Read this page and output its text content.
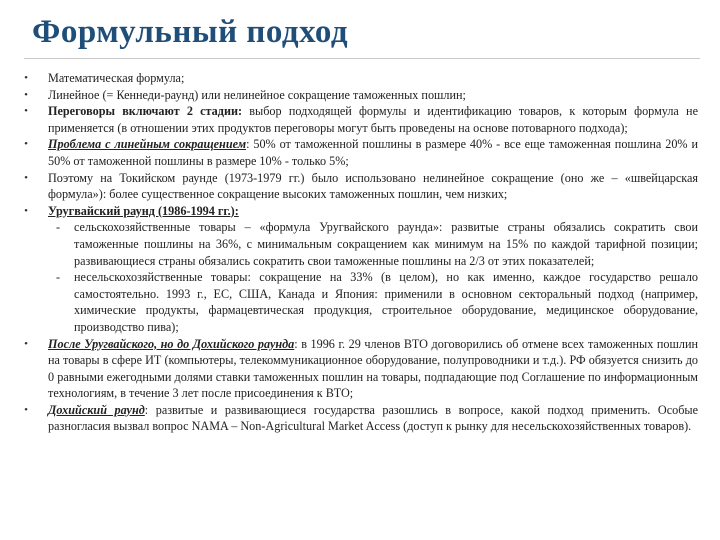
Формульный подход
•	Математическая формула;
•	Линейное (= Кеннеди-раунд) или нелинейное сокращение таможенных пошлин;
•	Переговоры включают 2 стадии: выбор подходящей формулы и идентификацию товаров, к которым формула не применяется (в отношении этих продуктов переговоры могут быть проведены на основе потоварного подхода);
•	Проблема с линейным сокращением: 50% от таможенной пошлины в размере 40% - все еще таможенная пошлина 20% и 50% от таможенной пошлины в размере 10% - только 5%;
•	Поэтому на Токийском раунде (1973-1979 гг.) было использовано нелинейное сокращение (оно же – «швейцарская формула»): более существенное сокращение высоких таможенных пошлин, чем низких;
•	Уругвайский раунд (1986-1994 гг.):
-	сельскохозяйственные товары – «формула Уругвайского раунда»: развитые страны обязались сократить свои таможенные пошлины на 36%, с минимальным сокращением как минимум на 15% по каждой тарифной позиции; развивающиеся страны обязались сократить свои таможенные пошлины на 2/3 от этих показателей;
-	несельскохозяйственные товары: сокращение на 33% (в целом), но как именно, каждое государство решало самостоятельно. 1993 г., ЕС, США, Канада и Япония: применили в основном секторальный подход (например, химические продукты, фармацевтическая продукция, строительное оборудование, медицинское оборудование, производство пива);
•	После Уругвайского, но до Дохийского раунда: в 1996 г. 29 членов ВТО договорились об отмене всех таможенных пошлин на товары в сфере ИТ (компьютеры, телекоммуникационное оборудование, полупроводники и т.д.). РФ обязуется снизить до 0 равными ежегодными долями ставки таможенных пошлин на товары, подпадающие под Соглашение по информационным технологиям, в течение 3 лет после присоединения к ВТО;
•	Дохийский раунд: развитые и развивающиеся государства разошлись в вопросе, какой подход применить. Особые разногласия вызвал вопрос NAMA – Non-Agricultural Market Access (доступ к рынку для несельскохозяйственных товаров).
